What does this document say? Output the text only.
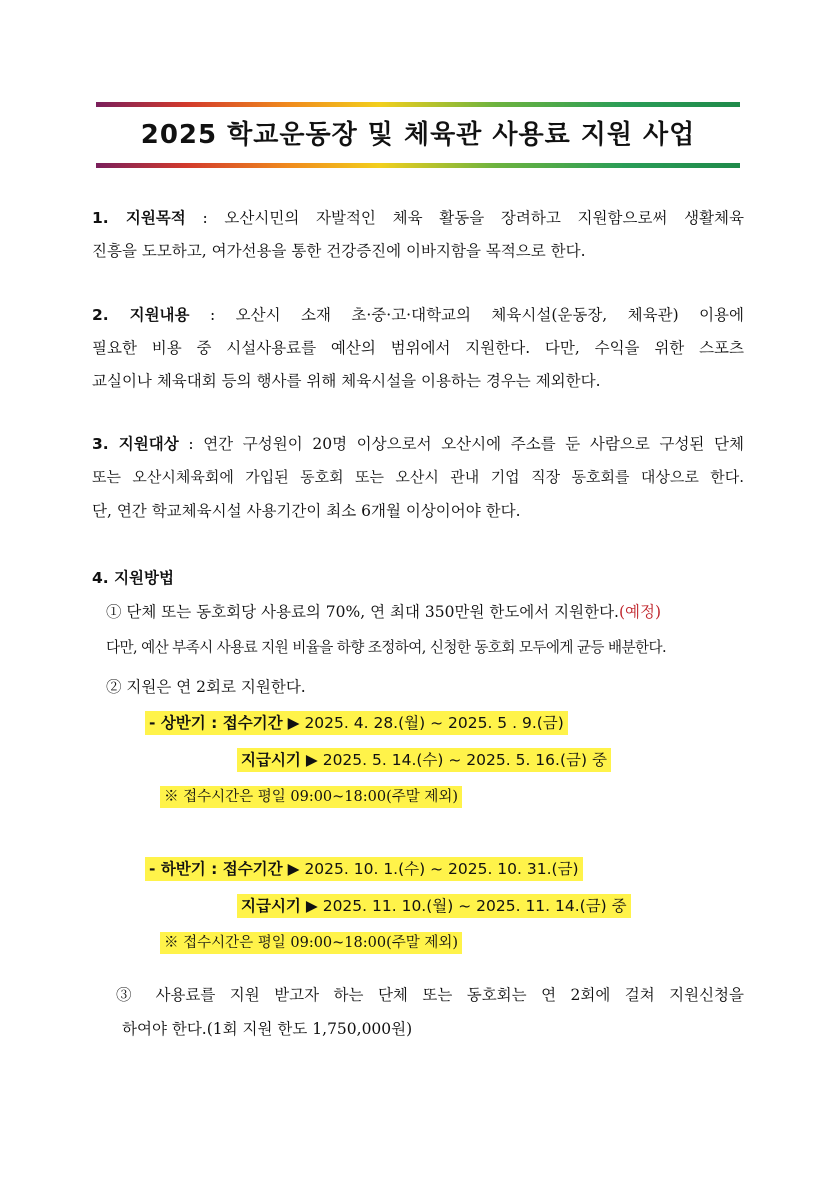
2025 학교운동장 및 체육관 사용료 지원 사업
1. 지원목적 : 오산시민의 자발적인 체육 활동을 장려하고 지원함으로써 생활체육
진흥을 도모하고, 여가선용을 통한 건강증진에 이바지함을 목적으로 한다.
2. 지원내용 : 오산시 소재 초·중·고·대학교의 체육시설(운동장, 체육관) 이용에
필요한 비용 중 시설사용료를 예산의 범위에서 지원한다. 다만, 수익을 위한 스포츠
교실이나 체육대회 등의 행사를 위해 체육시설을 이용하는 경우는 제외한다.
3. 지원대상 : 연간 구성원이 20명 이상으로서 오산시에 주소를 둔 사람으로 구성된 단체
또는 오산시체육회에 가입된 동호회 또는 오산시 관내 기업 직장 동호회를 대상으로 한다.
단, 연간 학교체육시설 사용기간이 최소 6개월 이상이어야 한다.
4. 지원방법
① 단체 또는 동호회당 사용료의 70%, 연 최대 350만원 한도에서 지원한다.(예정)
다만, 예산 부족시 사용료 지원 비율을 하향 조정하여, 신청한 동호회 모두에게 균등 배분한다.
② 지원은 연 2회로 지원한다.
- 상반기 : 접수기간 ▶ 2025. 4. 28.(월) ~ 2025. 5 . 9.(금)
지급시기 ▶ 2025. 5. 14.(수) ~ 2025. 5. 16.(금) 중
※ 접수시간은 평일 09:00~18:00(주말 제외)
- 하반기 : 접수기간 ▶ 2025. 10. 1.(수) ~ 2025. 10. 31.(금)
지급시기 ▶ 2025. 11. 10.(월) ~ 2025. 11. 14.(금) 중
※ 접수시간은 평일 09:00~18:00(주말 제외)
③ 사용료를 지원 받고자 하는 단체 또는 동호회는 연 2회에 걸쳐 지원신청을
하여야 한다.(1회 지원 한도 1,750,000원)
